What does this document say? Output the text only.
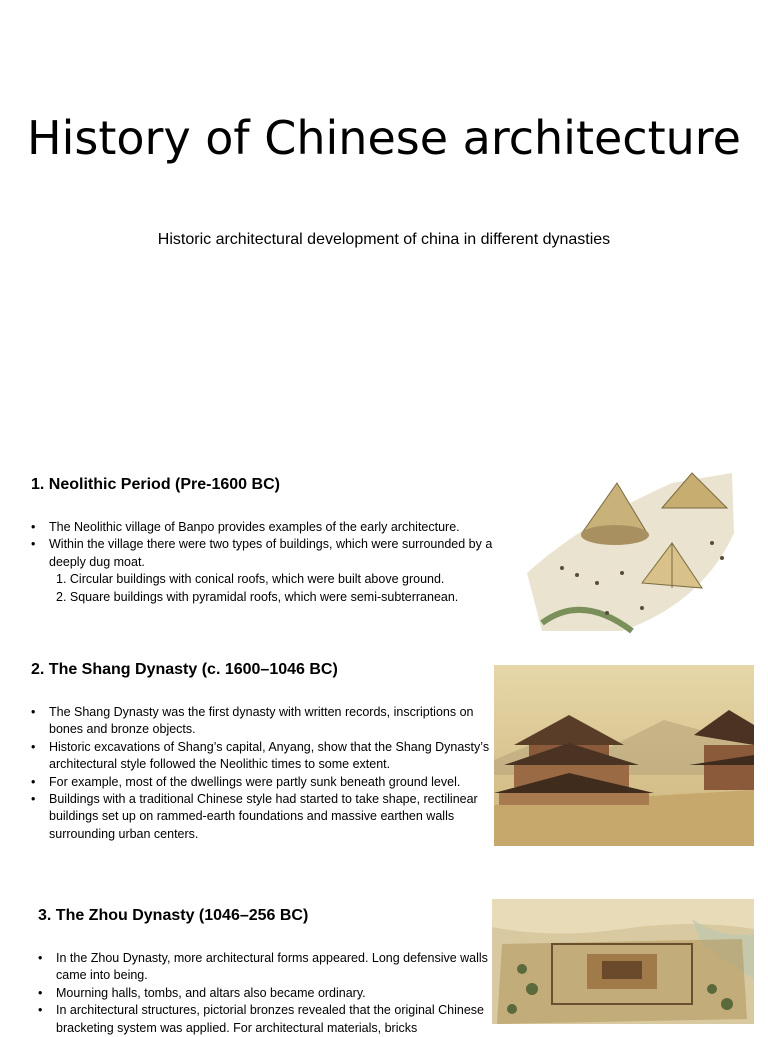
History of Chinese architecture
Historic architectural development of china in different dynasties
1. Neolithic Period (Pre-1600 BC)
• The Neolithic village of Banpo provides examples of the early architecture.
• Within the village there were two types of buildings, which were surrounded by a deeply dug moat.
1. Circular buildings with conical roofs, which were built above ground.
2. Square buildings with pyramidal roofs, which were semi-subterranean.
2. The Shang Dynasty (c. 1600–1046 BC)
• The Shang Dynasty was the first dynasty with written records, inscriptions on bones and bronze objects.
• Historic excavations of Shang’s capital, Anyang, show that the Shang Dynasty’s architectural style followed the Neolithic times to some extent.
• For example, most of the dwellings were partly sunk beneath ground level.
• Buildings with a traditional Chinese style had started to take shape, rectilinear buildings set up on rammed-earth foundations and massive earthen walls surrounding urban centers.
3. The Zhou Dynasty (1046–256 BC)
• In the Zhou Dynasty, more architectural forms appeared. Long defensive walls came into being.
• Mourning halls, tombs, and altars also became ordinary.
• In architectural structures, pictorial bronzes revealed that the original Chinese bracketing system was applied. For architectural materials, bricks
